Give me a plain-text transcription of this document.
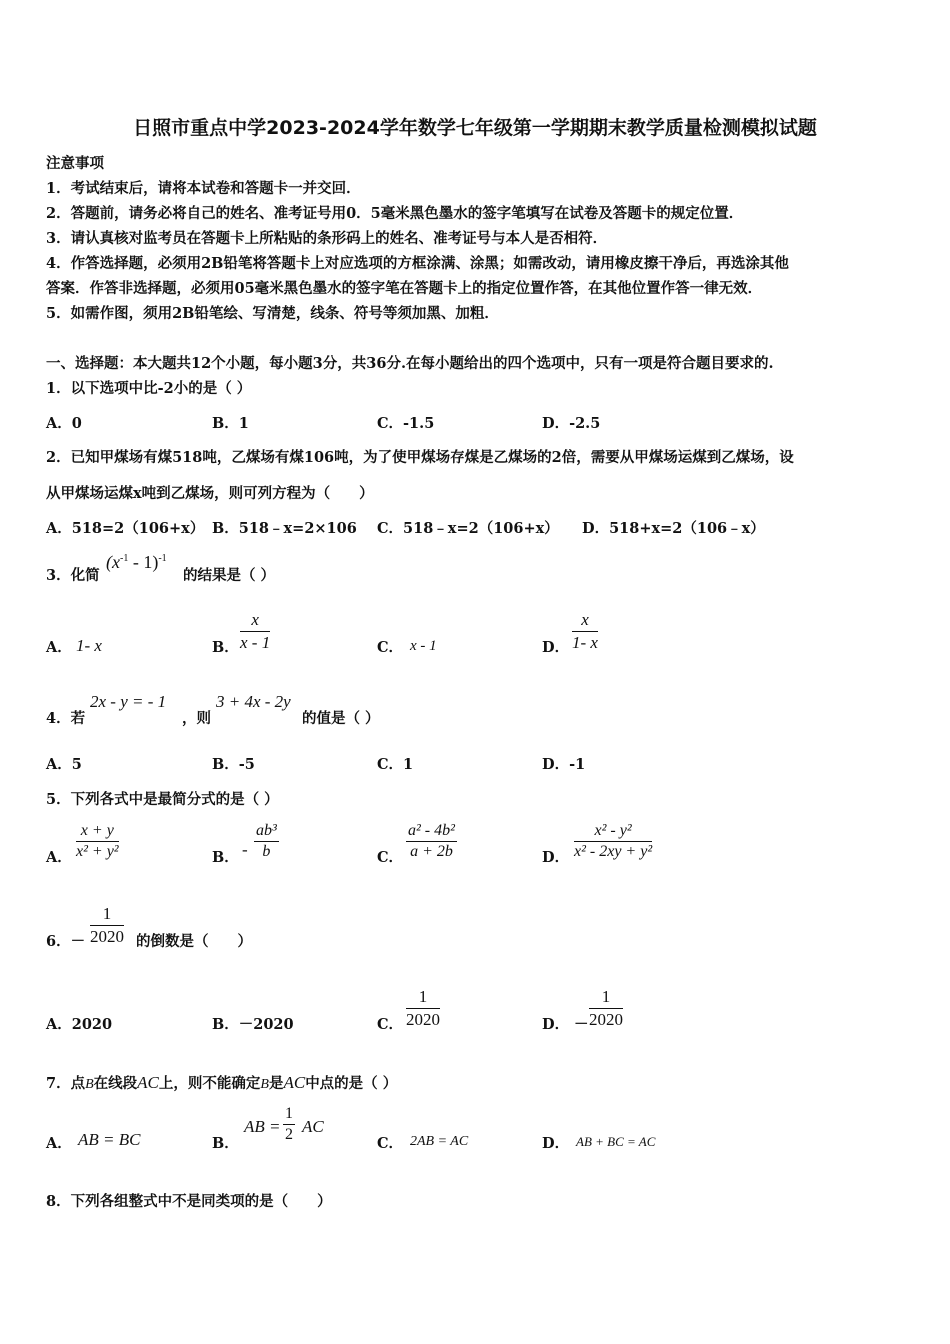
日照市重点中学2023-2024学年数学七年级第一学期期末教学质量检测模拟试题
注意事项
1．考试结束后，请将本试卷和答题卡一并交回．
2．答题前，请务必将自己的姓名、准考证号用0．5毫米黑色墨水的签字笔填写在试卷及答题卡的规定位置．
3．请认真核对监考员在答题卡上所粘贴的条形码上的姓名、准考证号与本人是否相符．
4．作答选择题，必须用2B铅笔将答题卡上对应选项的方框涂满、涂黑；如需改动，请用橡皮擦干净后，再选涂其他
答案．作答非选择题，必须用05毫米黑色墨水的签字笔在答题卡上的指定位置作答，在其他位置作答一律无效．
5．如需作图，须用2B铅笔绘、写清楚，线条、符号等须加黑、加粗．
一、选择题：本大题共12个小题，每小题3分，共36分.在每小题给出的四个选项中，只有一项是符合题目要求的.
1．以下选项中比-2小的是（ ）
A．0	B．1	C．-1.5	D．-2.5
2．已知甲煤场有煤518吨，乙煤场有煤106吨，为了使甲煤场存煤是乙煤场的2倍，需要从甲煤场运煤到乙煤场，设
从甲煤场运煤x吨到乙煤场，则可列方程为（　　）
A．518=2（106+x） B．518﹣x=2×106 C．518﹣x=2（106+x） D．518+x=2（106﹣x）
3．化简
$(x^{-1} - 1)^{-1}$
的结果是（ ）
A． 1- x	B． $\frac{x}{x - 1}$	C． x - 1	D． $\frac{x}{1- x}$
4．若
2x - y = - 1
，则
3 + 4x - 2y
的值是（ ）
A．5	B．-5	C．1	D．-1
5．下列各式中是最简分式的是（ ）
A． $\frac{x + y}{\text{x² + y²}}$	B． - $\frac{\text{ab³}}{b}$	C． $\frac{\text{a² - 4b²}}{a + 2b}$	D． $\frac{\text{x² - y²}}{\text{x² - 2xy + y²}}$
6．－ $\frac{1}{2020}$ 的倒数是（　　）
A．2020	B．－2020	C． $\frac{1}{2020}$	D． － $\frac{1}{2020}$
7．点B在线段AC上，则不能确定B是AC中点的是（ ）
A． AB = BC	B．
AB = $\frac{1}{2}$ AC
C． 2AB = AC	D． AB + BC = AC
8．下列各组整式中不是同类项的是（　　）
